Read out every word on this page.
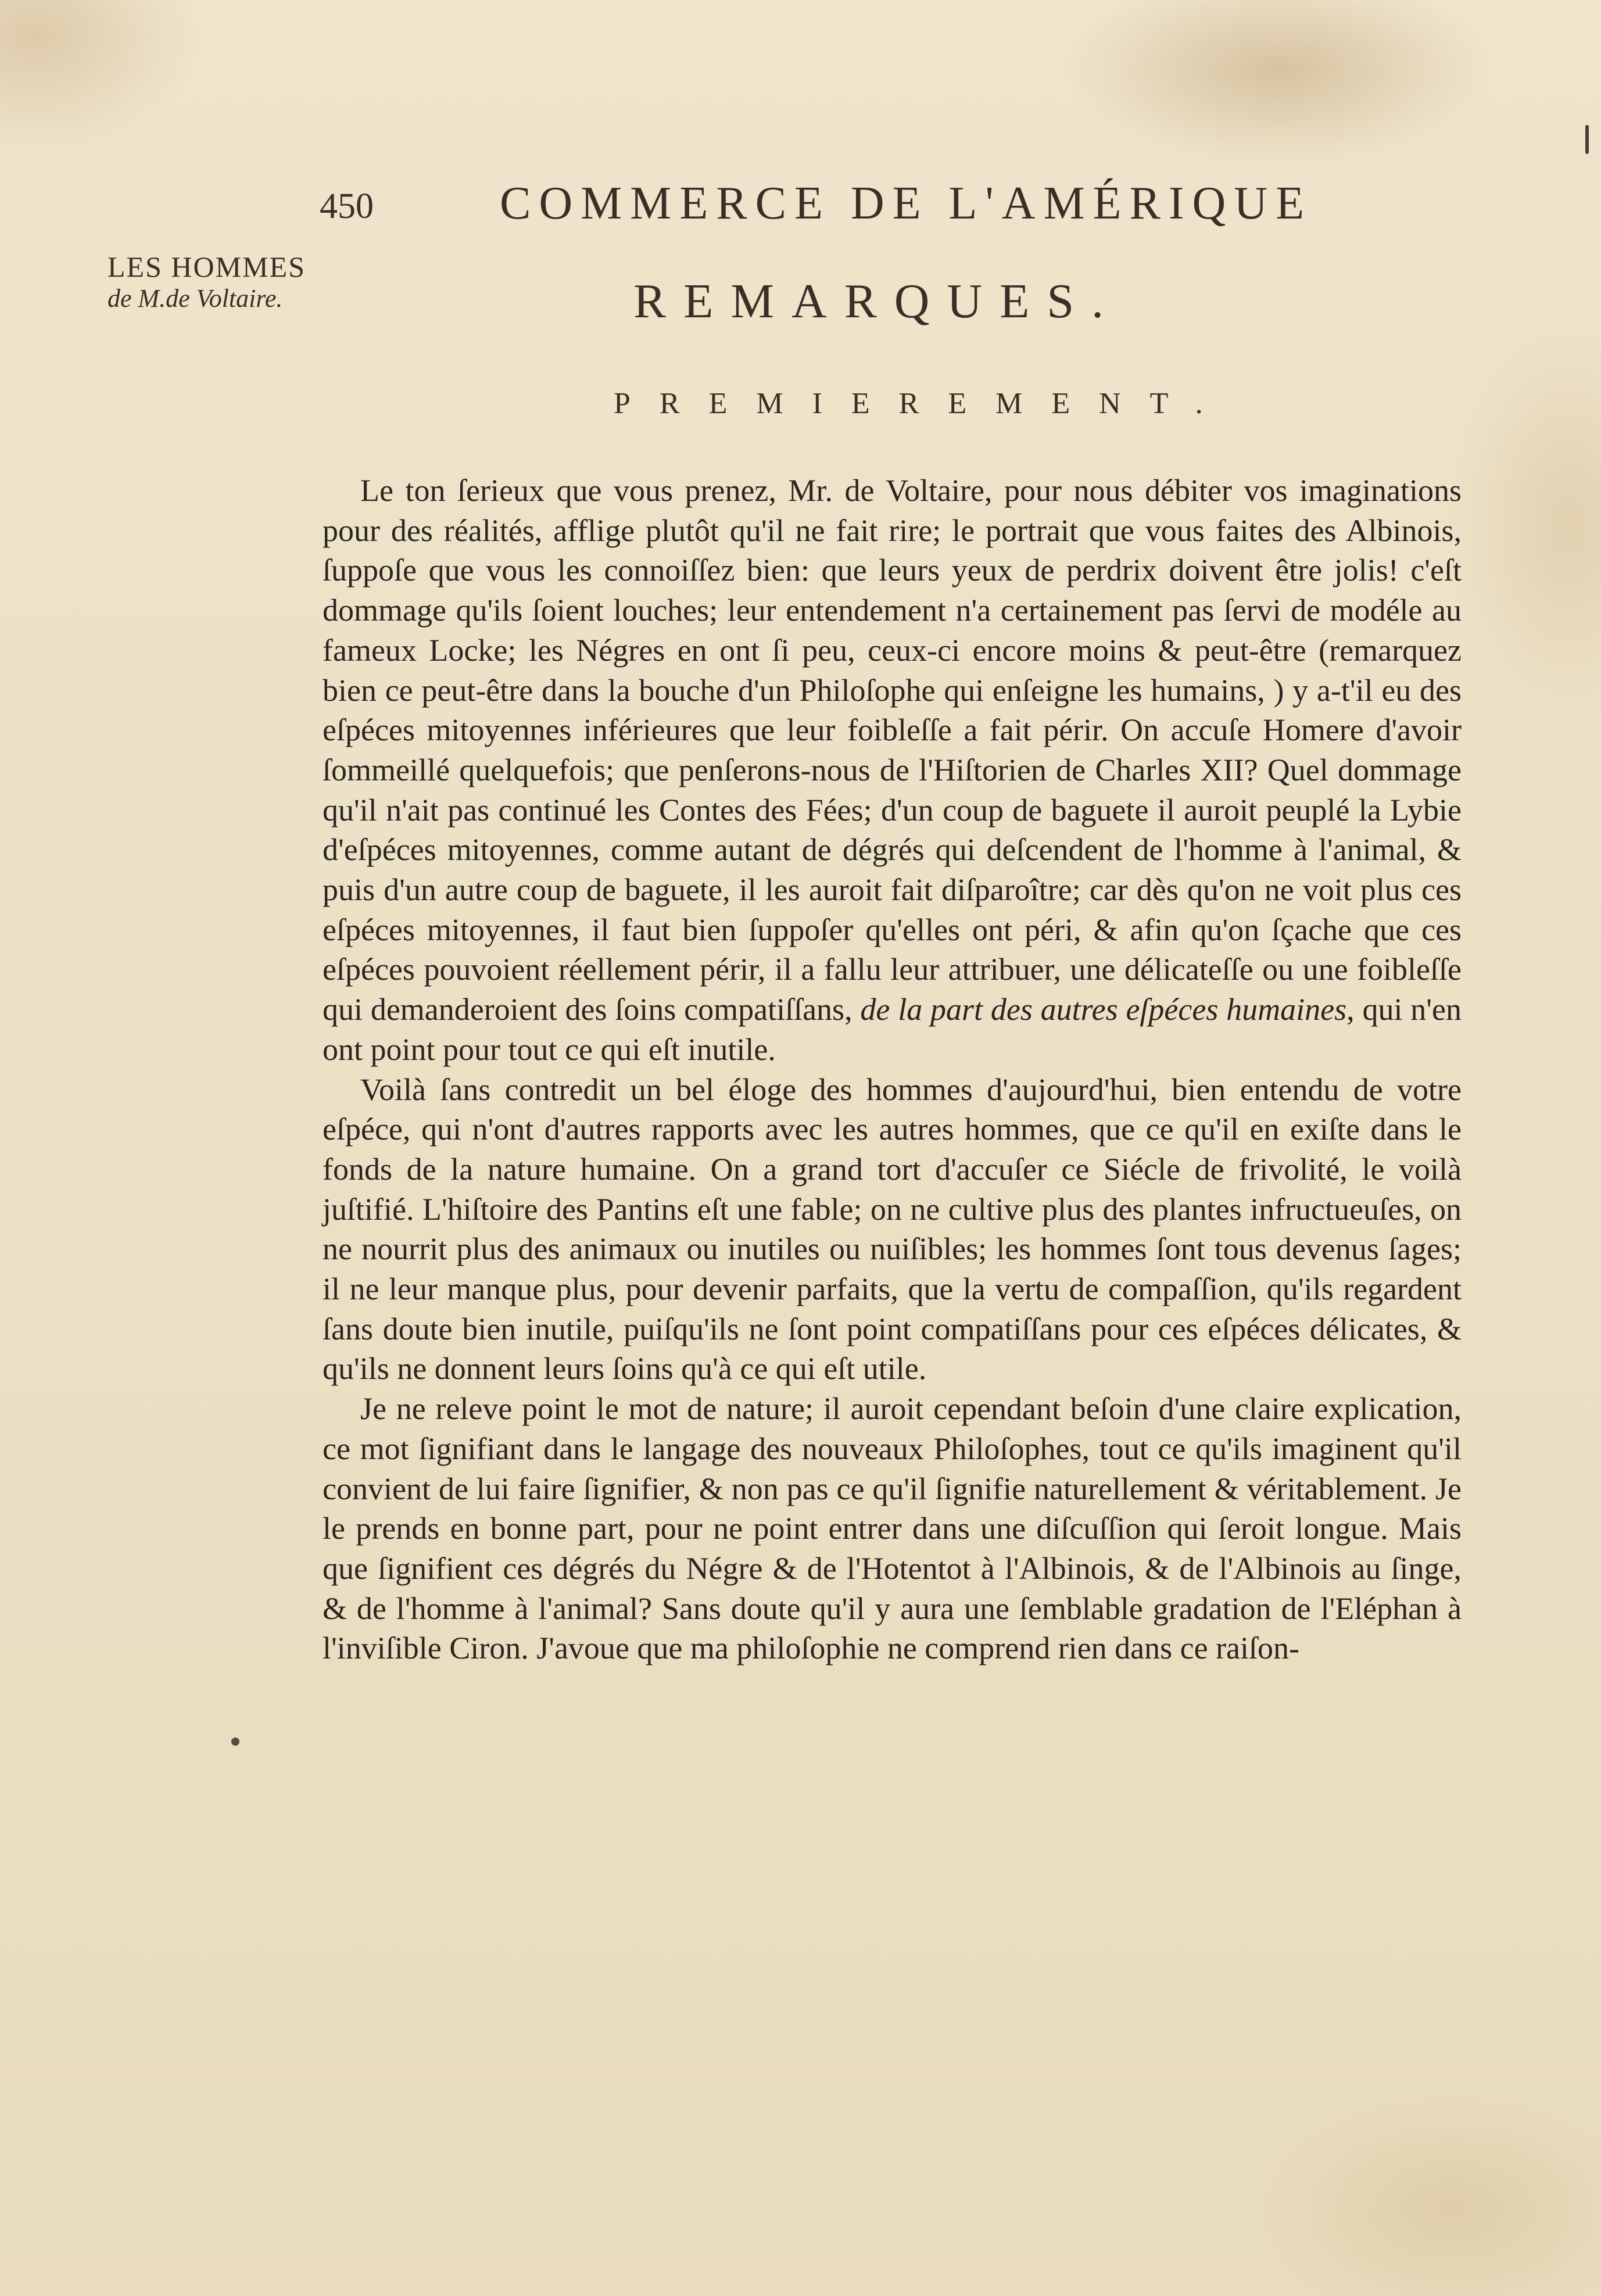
450	COMMERCE DE L'AMÉRIQUE
LES HOMMES
de M.de Voltaire.	REMARQUES.
PREMIEREMENT.

Le ton ſerieux que vous prenez, Mr. de Voltaire, pour nous débiter vos imaginations pour des réalités, afflige plutôt qu'il ne fait rire; le portrait que vous faites des Albinois, ſuppoſe que vous les connoiſſez bien: que leurs yeux de perdrix doivent être jolis! c'eſt dommage qu'ils ſoient louches; leur entendement n'a certainement pas ſervi de modéle au fameux Locke; les Négres en ont ſi peu, ceux-ci encore moins & peut-être (remarquez bien ce peut-être dans la bouche d'un Philoſophe qui enſeigne les humains, ) y a-t'il eu des eſpéces mitoyennes inférieures que leur foibleſſe a fait périr. On accuſe Homere d'avoir ſommeillé quelquefois; que penſerons-nous de l'Hiſtorien de Charles XII? Quel dommage qu'il n'ait pas continué les Contes des Fées; d'un coup de baguete il auroit peuplé la Lybie d'eſpéces mitoyennes, comme autant de dégrés qui deſcendent de l'homme à l'animal, & puis d'un autre coup de baguete, il les auroit fait diſparoître; car dès qu'on ne voit plus ces eſpéces mitoyennes, il faut bien ſuppoſer qu'elles ont péri, & afin qu'on ſçache que ces eſpéces pouvoient réellement périr, il a fallu leur attribuer, une délicateſſe ou une foibleſſe qui demanderoient des ſoins compatiſſans, de la part des autres eſpéces humaines, qui n'en ont point pour tout ce qui eſt inutile.

Voilà ſans contredit un bel éloge des hommes d'aujourd'hui, bien entendu de votre eſpéce, qui n'ont d'autres rapports avec les autres hommes, que ce qu'il en exiſte dans le fonds de la nature humaine. On a grand tort d'accuſer ce Siécle de frivolité, le voilà juſtifié. L'hiſtoire des Pantins eſt une fable; on ne cultive plus des plantes infructueuſes, on ne nourrit plus des animaux ou inutiles ou nuiſibles; les hommes ſont tous devenus ſages; il ne leur manque plus, pour devenir parfaits, que la vertu de compaſſion, qu'ils regardent ſans doute bien inutile, puiſqu'ils ne ſont point compatiſſans pour ces eſpéces délicates, & qu'ils ne donnent leurs ſoins qu'à ce qui eſt utile.

Je ne releve point le mot de nature; il auroit cependant beſoin d'une claire explication, ce mot ſignifiant dans le langage des nouveaux Philoſophes, tout ce qu'ils imaginent qu'il convient de lui faire ſignifier, & non pas ce qu'il ſignifie naturellement & véritablement. Je le prends en bonne part, pour ne point entrer dans une diſcuſſion qui ſeroit longue. Mais que ſignifient ces dégrés du Négre & de l'Hotentot à l'Albinois, & de l'Albinois au ſinge, & de l'homme à l'animal? Sans doute qu'il y aura une ſemblable gradation de l'Eléphan à l'inviſible Ciron. J'avoue que ma philoſophie ne comprend rien dans ce raiſon-
